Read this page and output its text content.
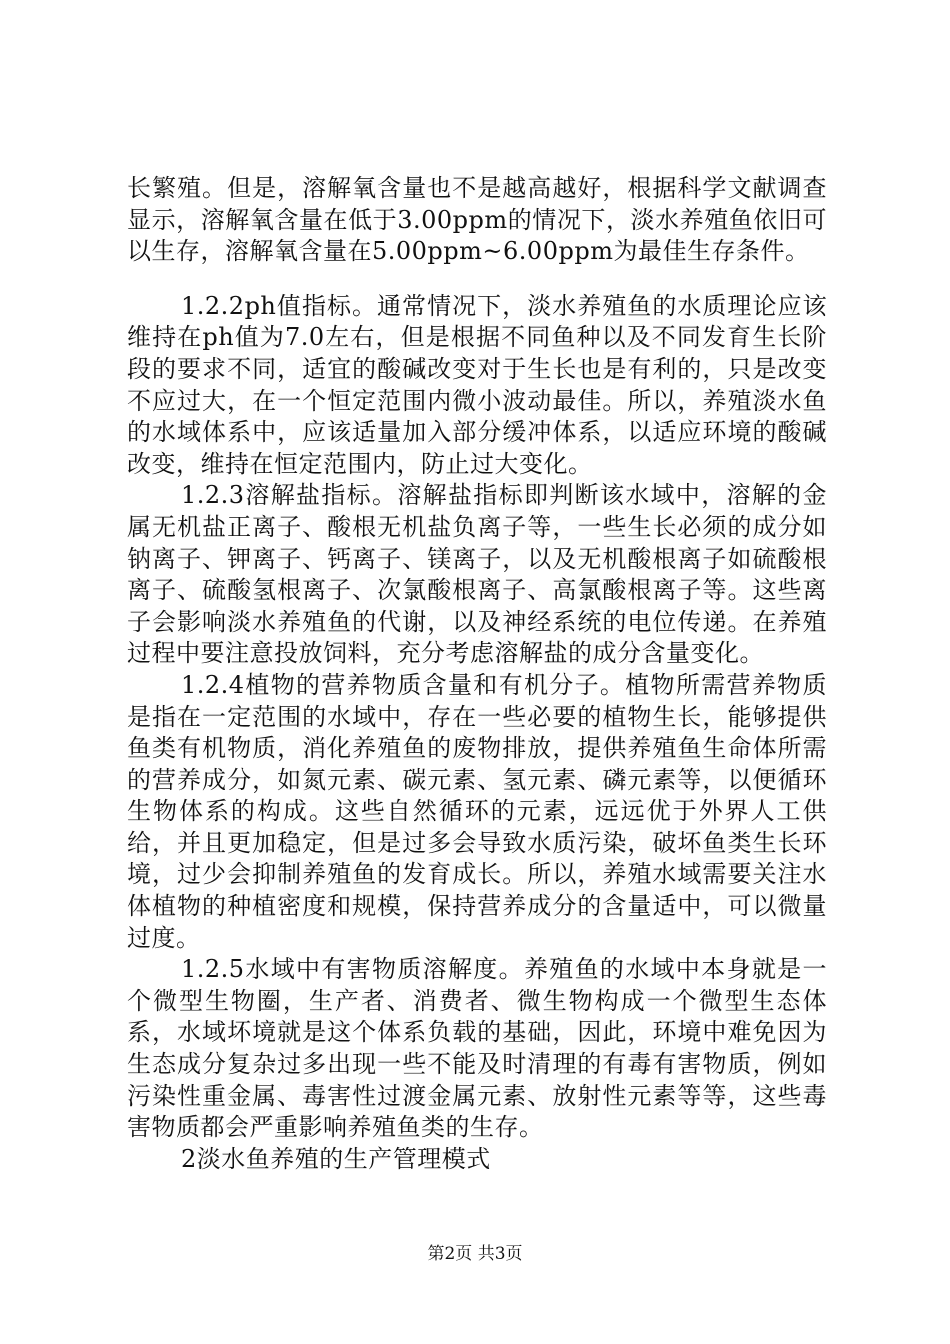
长繁殖。但是，溶解氧含量也不是越高越好，根据科学文献调查显示，溶解氧含量在低于3.00ppm的情况下，淡水养殖鱼依旧可以生存，溶解氧含量在5.00ppm~6.00ppm为最佳生存条件。

1.2.2ph值指标。通常情况下，淡水养殖鱼的水质理论应该维持在ph值为7.0左右，但是根据不同鱼种以及不同发育生长阶段的要求不同，适宜的酸碱改变对于生长也是有利的，只是改变不应过大，在一个恒定范围内微小波动最佳。所以，养殖淡水鱼的水域体系中，应该适量加入部分缓冲体系，以适应环境的酸碱改变，维持在恒定范围内，防止过大变化。

1.2.3溶解盐指标。溶解盐指标即判断该水域中，溶解的金属无机盐正离子、酸根无机盐负离子等，一些生长必须的成分如钠离子、钾离子、钙离子、镁离子，以及无机酸根离子如硫酸根离子、硫酸氢根离子、次氯酸根离子、高氯酸根离子等。这些离子会影响淡水养殖鱼的代谢，以及神经系统的电位传递。在养殖过程中要注意投放饲料，充分考虑溶解盐的成分含量变化。

1.2.4植物的营养物质含量和有机分子。植物所需营养物质是指在一定范围的水域中，存在一些必要的植物生长，能够提供鱼类有机物质，消化养殖鱼的废物排放，提供养殖鱼生命体所需的营养成分，如氮元素、碳元素、氢元素、磷元素等，以便循环生物体系的构成。这些自然循环的元素，远远优于外界人工供给，并且更加稳定，但是过多会导致水质污染，破坏鱼类生长环境，过少会抑制养殖鱼的发育成长。所以，养殖水域需要关注水体植物的种植密度和规模，保持营养成分的含量适中，可以微量过度。

1.2.5水域中有害物质溶解度。养殖鱼的水域中本身就是一个微型生物圈，生产者、消费者、微生物构成一个微型生态体系，水域坏境就是这个体系负载的基础，因此，环境中难免因为生态成分复杂过多出现一些不能及时清理的有毒有害物质，例如污染性重金属、毒害性过渡金属元素、放射性元素等等，这些毒害物质都会严重影响养殖鱼类的生存。

2淡水鱼养殖的生产管理模式

第2页 共3页
